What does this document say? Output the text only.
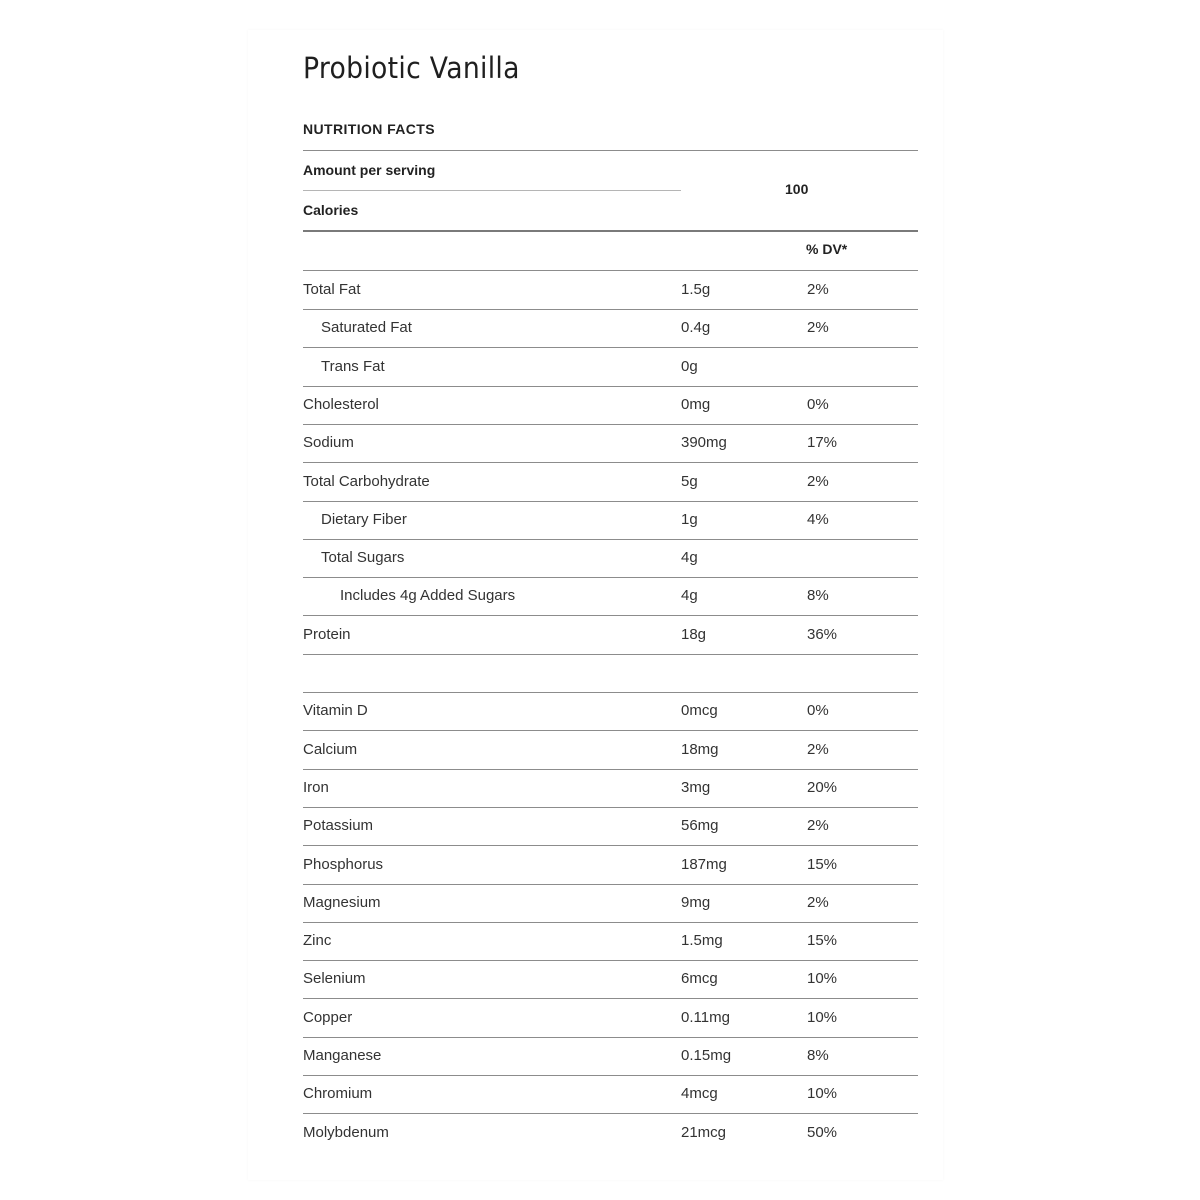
Probiotic Vanilla
NUTRITION FACTS
Amount per serving
Calories
100
% DV*
Total Fat	1.5g	2%
Saturated Fat	0.4g	2%
Trans Fat	0g
Cholesterol	0mg	0%
Sodium	390mg	17%
Total Carbohydrate	5g	2%
Dietary Fiber	1g	4%
Total Sugars	4g
Includes 4g Added Sugars	4g	8%
Protein	18g	36%
Vitamin D	0mcg	0%
Calcium	18mg	2%
Iron	3mg	20%
Potassium	56mg	2%
Phosphorus	187mg	15%
Magnesium	9mg	2%
Zinc	1.5mg	15%
Selenium	6mcg	10%
Copper	0.11mg	10%
Manganese	0.15mg	8%
Chromium	4mcg	10%
Molybdenum	21mcg	50%
